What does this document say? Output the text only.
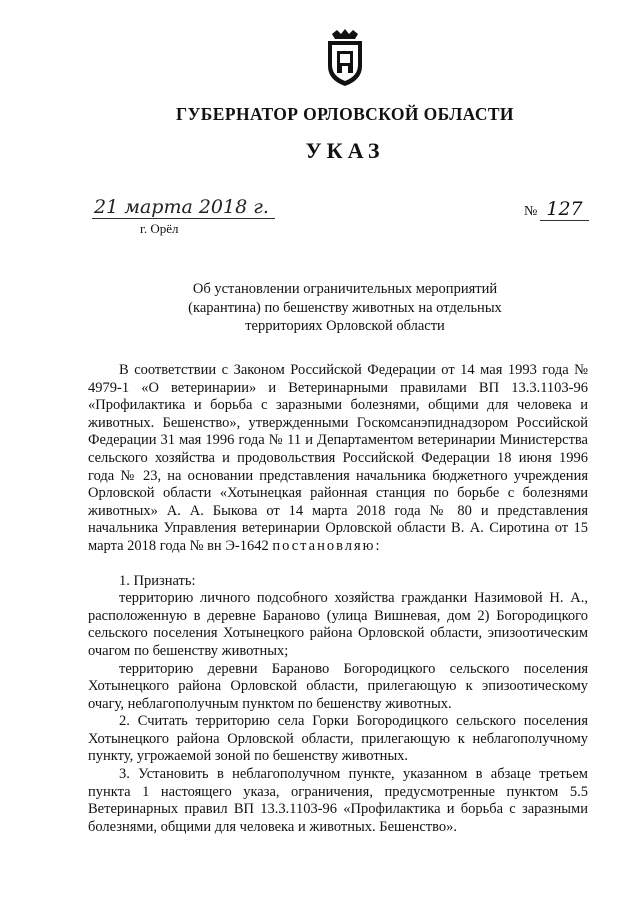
ГУБЕРНАТОР ОРЛОВСКОЙ ОБЛАСТИ
УКАЗ
21 марта 2018 г.
г. Орёл
№ 127
Об установлении ограничительных мероприятий
(карантина) по бешенству животных на отдельных
территориях Орловской области

В соответствии с Законом Российской Федерации от 14 мая 1993 года № 4979-1 «О ветеринарии» и Ветеринарными правилами ВП 13.3.1103-96 «Профилактика и борьба с заразными болезнями, общими для человека и животных. Бешенство», утвержденными Госкомсанэпиднадзором Российской Федерации 31 мая 1996 года № 11 и Департаментом ветеринарии Министерства сельского хозяйства и продовольствия Российской Федерации 18 июня 1996 года № 23, на основании представления начальника бюджетного учреждения Орловской области «Хотынецкая районная станция по борьбе с болезнями животных» А. А. Быкова от 14 марта 2018 года № 80 и представления начальника Управления ветеринарии Орловской области В. А. Сиротина от 15 марта 2018 года № вн Э-1642 постановляю:

1. Признать:

территорию личного подсобного хозяйства гражданки Назимовой Н. А., расположенную в деревне Бараново (улица Вишневая, дом 2) Богородицкого сельского поселения Хотынецкого района Орловской области, эпизоотическим очагом по бешенству животных;

территорию деревни Бараново Богородицкого сельского поселения Хотынецкого района Орловской области, прилегающую к эпизоотическому очагу, неблагополучным пунктом по бешенству животных.

2. Считать территорию села Горки Богородицкого сельского поселения Хотынецкого района Орловской области, прилегающую к неблагополучному пункту, угрожаемой зоной по бешенству животных.

3. Установить в неблагополучном пункте, указанном в абзаце третьем пункта 1 настоящего указа, ограничения, предусмотренные пунктом 5.5 Ветеринарных правил ВП 13.3.1103-96 «Профилактика и борьба с заразными болезнями, общими для человека и животных. Бешенство».
